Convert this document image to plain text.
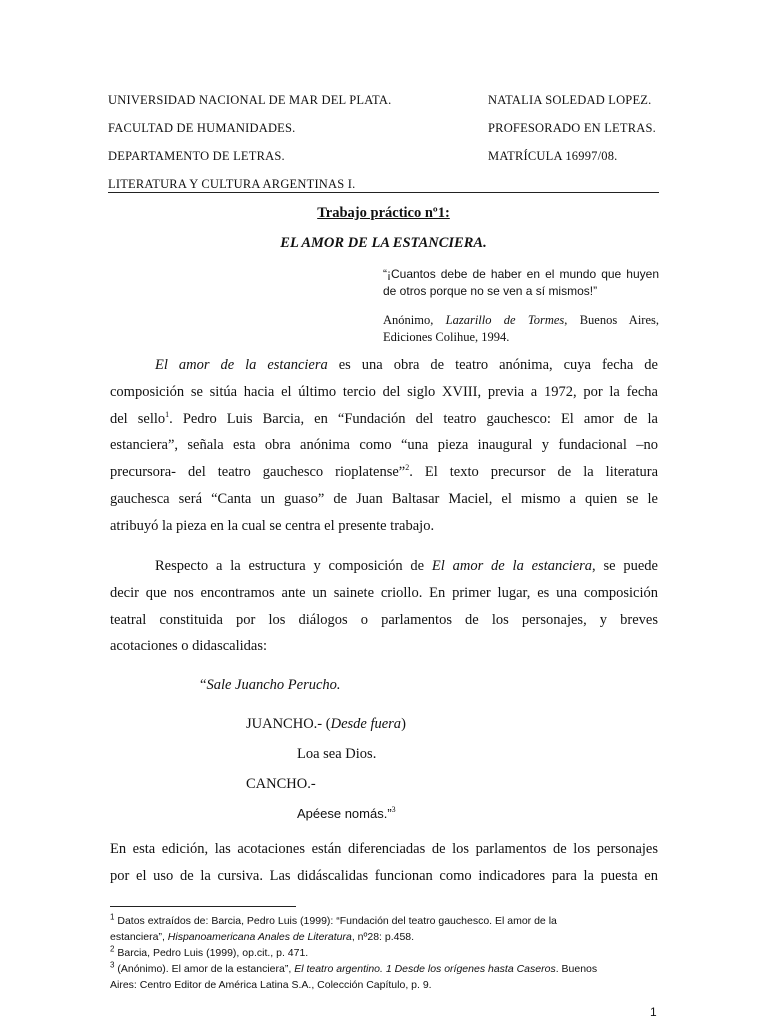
UNIVERSIDAD NACIONAL DE MAR DEL PLATA.
FACULTAD DE HUMANIDADES.
DEPARTAMENTO DE LETRAS.
LITERATURA Y CULTURA ARGENTINAS I.
NATALIA SOLEDAD LOPEZ.
PROFESORADO EN LETRAS.
MATRÍCULA 16997/08.
Trabajo práctico nº1:
EL AMOR DE LA ESTANCIERA.
“¡Cuantos debe de haber en el mundo que huyen de otros porque no se ven a sí mismos!”
Anónimo, Lazarillo de Tormes, Buenos Aires, Ediciones Colihue, 1994.
El amor de la estanciera es una obra de teatro anónima, cuya fecha de
composición se sitúa hacia el último tercio del siglo XVIII, previa a 1972, por la fecha
del sello$^1$. Pedro Luis Barcia, en “Fundación del teatro gauchesco: El amor de la
estanciera”, señala esta obra anónima como “una pieza inaugural y fundacional –no
precursora- del teatro gauchesco rioplatense”$^2$. El texto precursor de la literatura
gauchesca será “Canta un guaso” de Juan Baltasar Maciel, el mismo a quien se le
atribuyó la pieza en la cual se centra el presente trabajo.
Respecto a la estructura y composición de El amor de la estanciera, se puede
decir que nos encontramos ante un sainete criollo. En primer lugar, es una composición
teatral constituida por los diálogos o parlamentos de los personajes, y breves
acotaciones o didascalidas:
“Sale Juancho Perucho.
JUANCHO.- (Desde fuera)
Loa sea Dios.
CANCHO.-
Apéese nomás.”$^3$
En esta edición, las acotaciones están diferenciadas de los parlamentos de los personajes
por el uso de la cursiva. Las didáscalidas funcionan como indicadores para la puesta en
$^1$ Datos extraídos de: Barcia, Pedro Luis (1999): “Fundación del teatro gauchesco. El amor de la
estanciera”, Hispanoamericana Anales de Literatura, nº28: p.458.
$^2$ Barcia, Pedro Luis (1999), op.cit., p. 471.
$^3$ (Anónimo). El amor de la estanciera”, El teatro argentino. 1 Desde los orígenes hasta Caseros. Buenos
Aires: Centro Editor de América Latina S.A., Colección Capítulo, p. 9.
1
